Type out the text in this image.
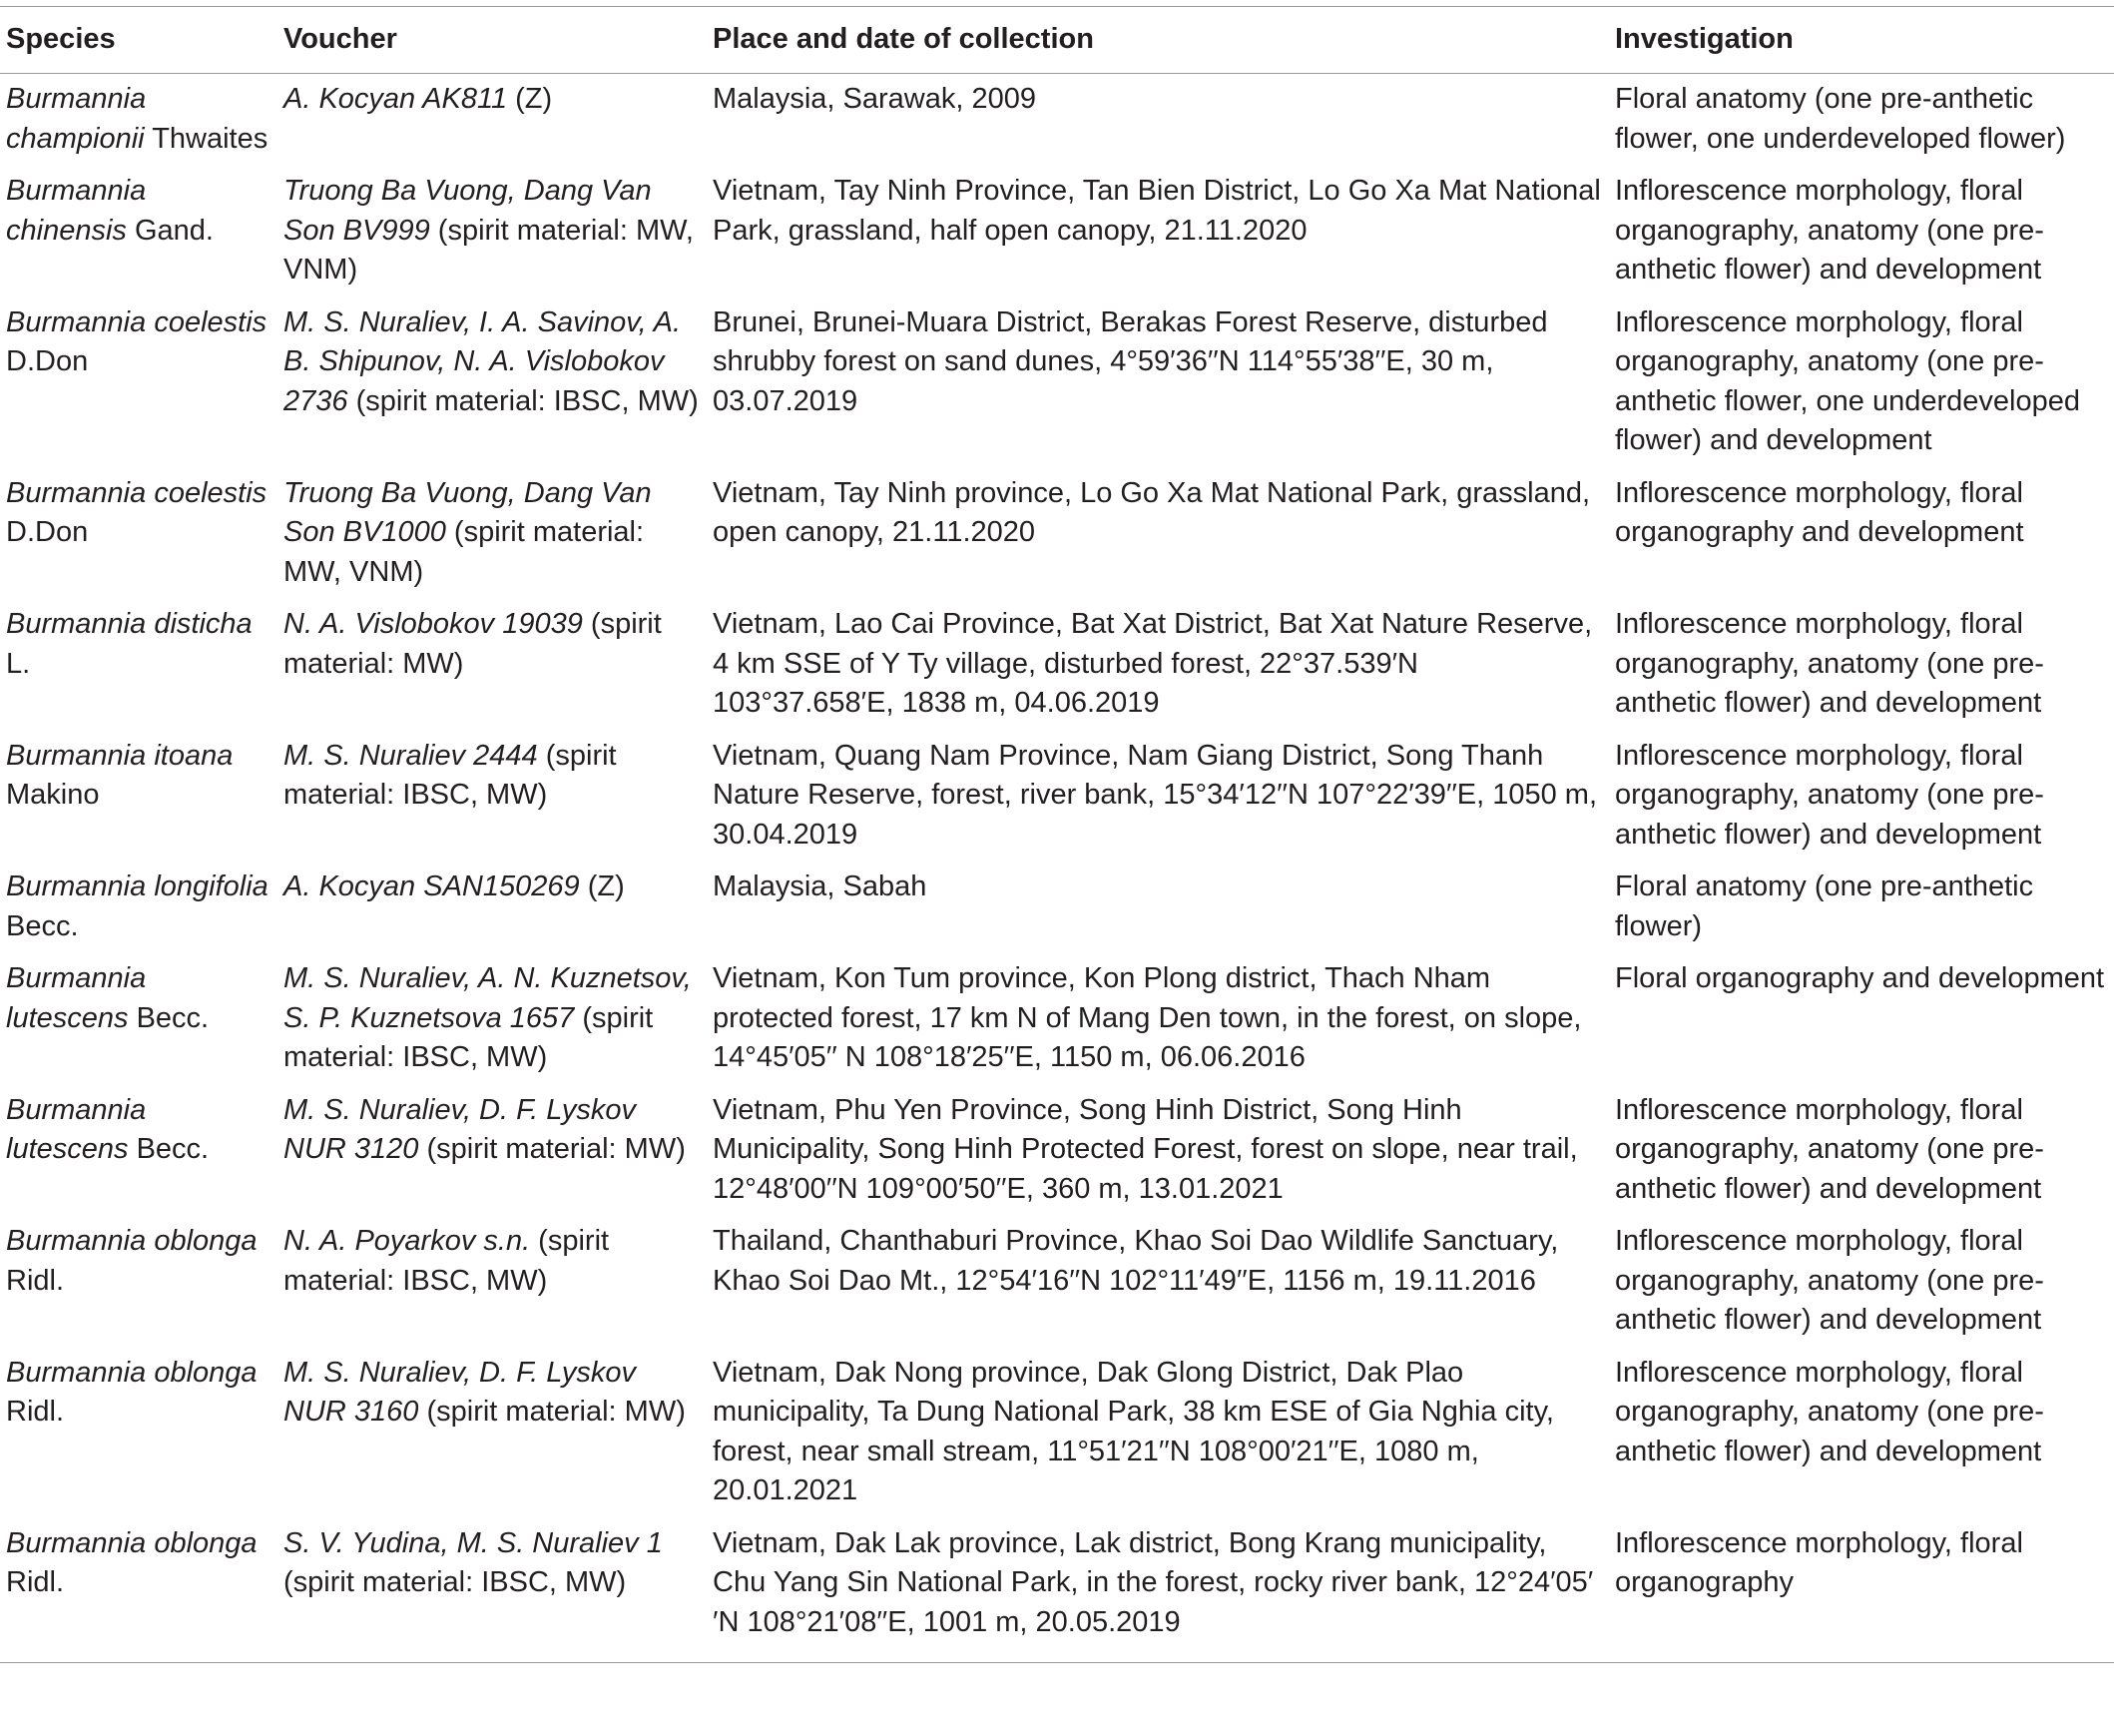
Species	Voucher	Place and date of collection	Investigation
Burmannia championii Thwaites	A. Kocyan AK811 (Z)	Malaysia, Sarawak, 2009	Floral anatomy (one pre-anthetic flower, one underdeveloped flower)
Burmannia chinensis Gand.	Truong Ba Vuong, Dang Van Son BV999 (spirit material: MW, VNM)	Vietnam, Tay Ninh Province, Tan Bien District, Lo Go Xa Mat National Park, grassland, half open canopy, 21.11.2020	Inflorescence morphology, floral organography, anatomy (one pre-anthetic flower) and development
Burmannia coelestis D.Don	M. S. Nuraliev, I. A. Savinov, A. B. Shipunov, N. A. Vislobokov 2736 (spirit material: IBSC, MW)	Brunei, Brunei-Muara District, Berakas Forest Reserve, disturbed shrubby forest on sand dunes, 4°59′36′′N 114°55′38′′E, 30 m, 03.07.2019	Inflorescence morphology, floral organography, anatomy (one pre-anthetic flower, one underdeveloped flower) and development
Burmannia coelestis D.Don	Truong Ba Vuong, Dang Van Son BV1000 (spirit material: MW, VNM)	Vietnam, Tay Ninh province, Lo Go Xa Mat National Park, grassland, open canopy, 21.11.2020	Inflorescence morphology, floral organography and development
Burmannia disticha L.	N. A. Vislobokov 19039 (spirit material: MW)	Vietnam, Lao Cai Province, Bat Xat District, Bat Xat Nature Reserve, 4 km SSE of Y Ty village, disturbed forest, 22°37.539′N 103°37.658′E, 1838 m, 04.06.2019	Inflorescence morphology, floral organography, anatomy (one pre-anthetic flower) and development
Burmannia itoana Makino	M. S. Nuraliev 2444 (spirit material: IBSC, MW)	Vietnam, Quang Nam Province, Nam Giang District, Song Thanh Nature Reserve, forest, river bank, 15°34′12′′N 107°22′39′′E, 1050 m, 30.04.2019	Inflorescence morphology, floral organography, anatomy (one pre-anthetic flower) and development
Burmannia longifolia Becc.	A. Kocyan SAN150269 (Z)	Malaysia, Sabah	Floral anatomy (one pre-anthetic flower)
Burmannia lutescens Becc.	M. S. Nuraliev, A. N. Kuznetsov, S. P. Kuznetsova 1657 (spirit material: IBSC, MW)	Vietnam, Kon Tum province, Kon Plong district, Thach Nham protected forest, 17 km N of Mang Den town, in the forest, on slope, 14°45′05′′ N 108°18′25′′E, 1150 m, 06.06.2016	Floral organography and development
Burmannia lutescens Becc.	M. S. Nuraliev, D. F. Lyskov NUR 3120 (spirit material: MW)	Vietnam, Phu Yen Province, Song Hinh District, Song Hinh Municipality, Song Hinh Protected Forest, forest on slope, near trail, 12°48′00′′N 109°00′50′′E, 360 m, 13.01.2021	Inflorescence morphology, floral organography, anatomy (one pre-anthetic flower) and development
Burmannia oblonga Ridl.	N. A. Poyarkov s.n. (spirit material: IBSC, MW)	Thailand, Chanthaburi Province, Khao Soi Dao Wildlife Sanctuary, Khao Soi Dao Mt., 12°54′16′′N 102°11′49′′E, 1156 m, 19.11.2016	Inflorescence morphology, floral organography, anatomy (one pre-anthetic flower) and development
Burmannia oblonga Ridl.	M. S. Nuraliev, D. F. Lyskov NUR 3160 (spirit material: MW)	Vietnam, Dak Nong province, Dak Glong District, Dak Plao municipality, Ta Dung National Park, 38 km ESE of Gia Nghia city, forest, near small stream, 11°51′21′′N 108°00′21′′E, 1080 m, 20.01.2021	Inflorescence morphology, floral organography, anatomy (one pre-anthetic flower) and development
Burmannia oblonga Ridl.	S. V. Yudina, M. S. Nuraliev 1 (spirit material: IBSC, MW)	Vietnam, Dak Lak province, Lak district, Bong Krang municipality, Chu Yang Sin National Park, in the forest, rocky river bank, 12°24′05′′N 108°21′08′′E, 1001 m, 20.05.2019	Inflorescence morphology, floral organography
